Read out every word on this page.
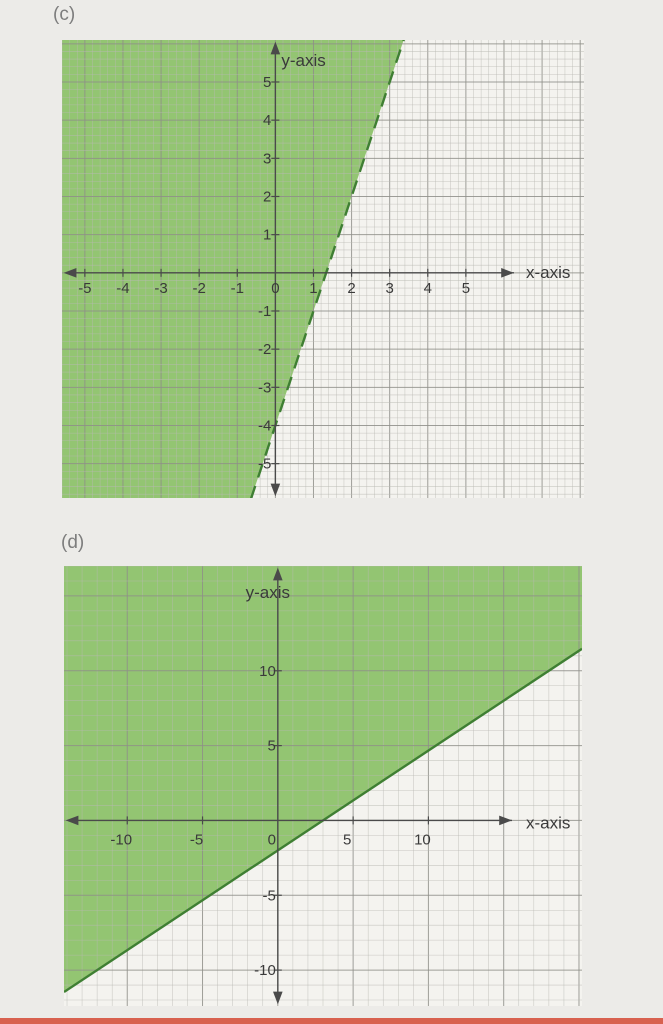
(c)
-5 -4 -3 -2 -1 0 1 2 3 4 5
5
4
3
2
1
-1
-2
-3
-4
-5
x-axis
y-axis
(d)
-10	-5	0	5	10
10
5
-5
-10
x-axis
y-axis
